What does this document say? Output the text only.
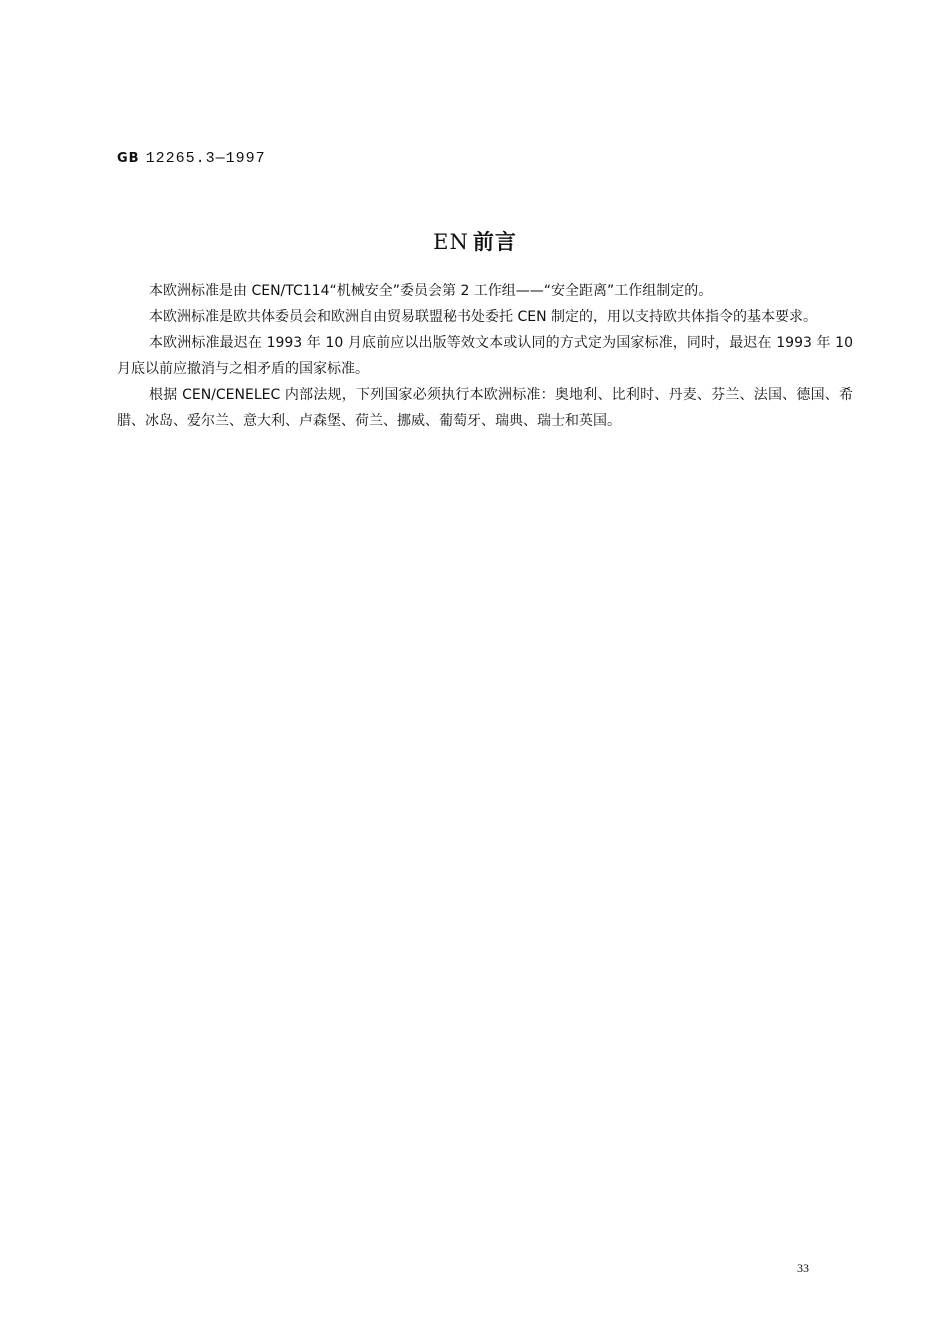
GB 12265.3—1997
EN 前言

本欧洲标准是由 CEN/TC114“机械安全”委员会第 2 工作组——“安全距离”工作组制定的。

本欧洲标准是欧共体委员会和欧洲自由贸易联盟秘书处委托 CEN 制定的，用以支持欧共体指令的基本要求。

本欧洲标准最迟在 1993 年 10 月底前应以出版等效文本或认同的方式定为国家标准，同时，最迟在 1993 年 10 月底以前应撤消与之相矛盾的国家标准。

根据 CEN/CENELEC 内部法规，下列国家必须执行本欧洲标准：奥地利、比利时、丹麦、芬兰、法国、德国、希腊、冰岛、爱尔兰、意大利、卢森堡、荷兰、挪威、葡萄牙、瑞典、瑞士和英国。

33
